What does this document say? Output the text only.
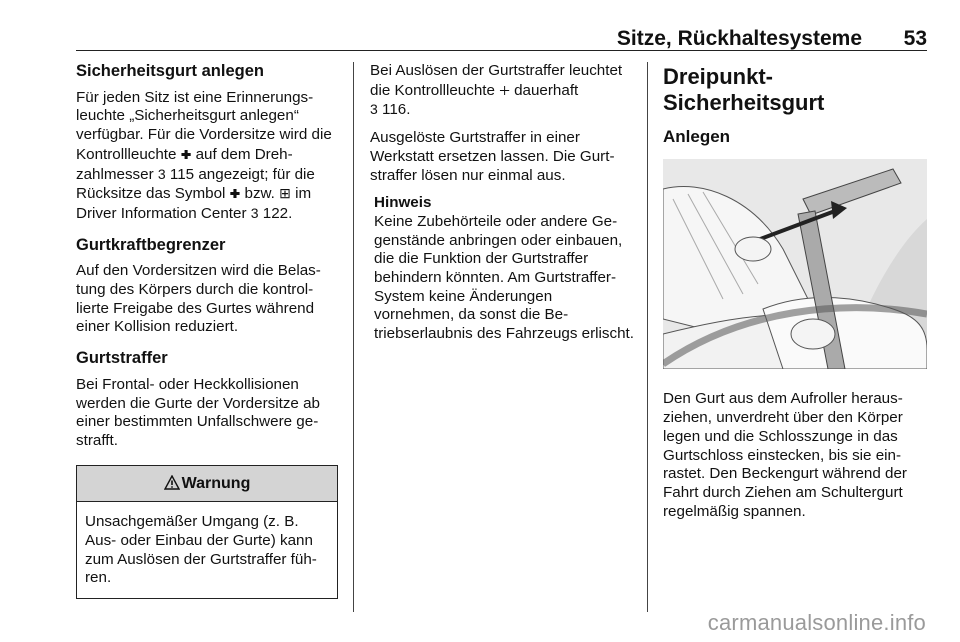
Sitze, Rückhaltesysteme 53
Sicherheitsgurt anlegen

Für jeden Sitz ist eine Erinnerungsleuchte „Sicherheitsgurt anlegen“ verfügbar. Für die Vordersitze wird die Kontrollleuchte 🞧 auf dem Drehzahlmesser 3 115 angezeigt; für die Rücksitze das Symbol 🞧 bzw. ⊞ im Driver Information Center 3 122.

Gurtkraftbegrenzer

Auf den Vordersitzen wird die Belastung des Körpers durch die kontrollierte Freigabe des Gurtes während einer Kollision reduziert.

Gurtstraffer

Bei Frontal- oder Heckkollisionen werden die Gurte der Vordersitze ab einer bestimmten Unfallschwere gestrafft.

Warnung
Unsachgemäßer Umgang (z. B. Aus- oder Einbau der Gurte) kann zum Auslösen der Gurtstraffer führen.

Bei Auslösen der Gurtstraffer leuchtet die Kontrollleuchte 🞣 dauerhaft
3 116.

Ausgelöste Gurtstraffer in einer Werkstatt ersetzen lassen. Die Gurtstraffer lösen nur einmal aus.

Hinweis
Keine Zubehörteile oder andere Gegenstände anbringen oder einbauen, die die Funktion der Gurtstraffer behindern könnten. Am Gurtstraffer-System keine Änderungen vornehmen, da sonst die Betriebserlaubnis des Fahrzeugs erlischt.
Dreipunkt-Sicherheitsgurt
Anlegen

Den Gurt aus dem Aufroller herausziehen, unverdreht über den Körper legen und die Schlosszunge in das Gurtschloss einstecken, bis sie einrastet. Den Beckengurt während der Fahrt durch Ziehen am Schultergurt regelmäßig spannen.

carmanualsonline.info
